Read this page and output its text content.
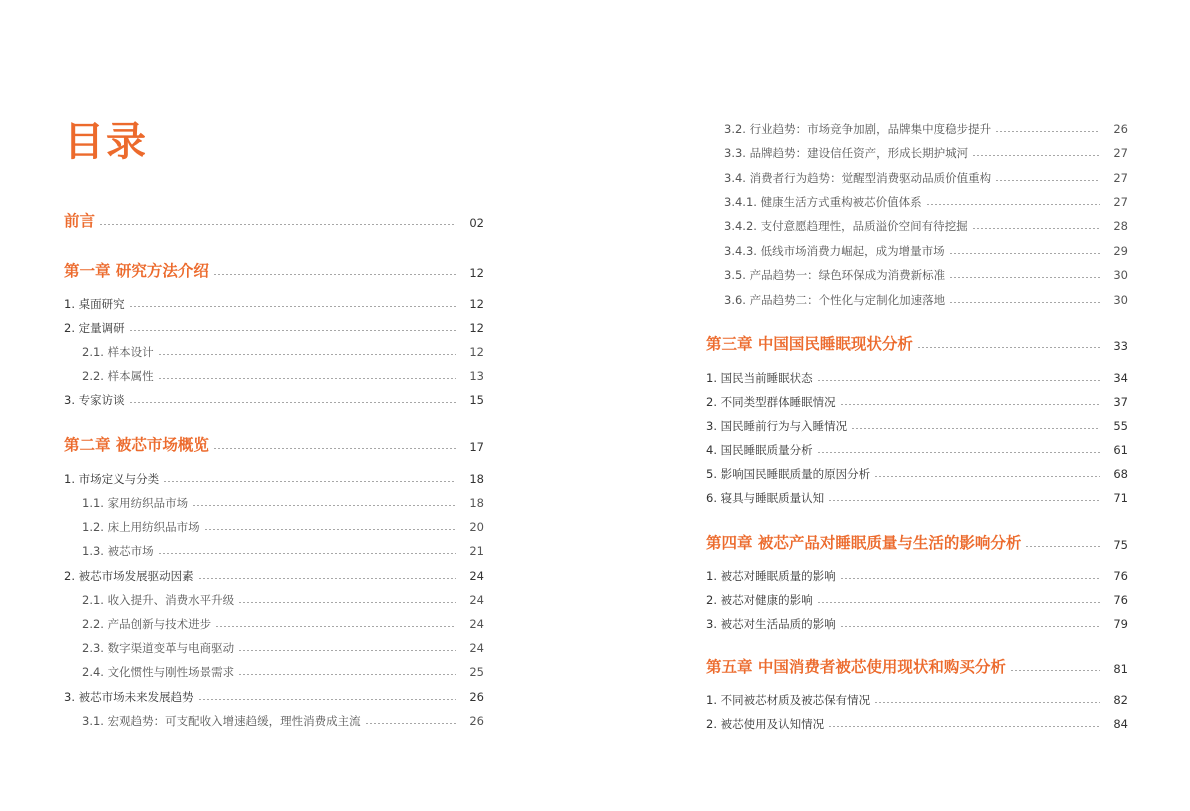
目录
前言	02
第一章 研究方法介绍	12
1. 桌面研究	12
2. 定量调研	12
2.1. 样本设计	12
2.2. 样本属性	13
3. 专家访谈	15
第二章 被芯市场概览	17
1. 市场定义与分类	18
1.1. 家用纺织品市场	18
1.2. 床上用纺织品市场	20
1.3. 被芯市场	21
2. 被芯市场发展驱动因素	24
2.1. 收入提升、消费水平升级	24
2.2. 产品创新与技术进步	24
2.3. 数字渠道变革与电商驱动	24
2.4. 文化惯性与刚性场景需求	25
3. 被芯市场未来发展趋势	26
3.1. 宏观趋势：可支配收入增速趋缓，理性消费成主流	26
3.2. 行业趋势：市场竞争加剧，品牌集中度稳步提升	26
3.3. 品牌趋势：建设信任资产，形成长期护城河	27
3.4. 消费者行为趋势：觉醒型消费驱动品质价值重构	27
3.4.1. 健康生活方式重构被芯价值体系	27
3.4.2. 支付意愿趋理性，品质溢价空间有待挖掘	28
3.4.3. 低线市场消费力崛起，成为增量市场	29
3.5. 产品趋势一：绿色环保成为消费新标准	30
3.6. 产品趋势二：个性化与定制化加速落地	30
第三章 中国国民睡眠现状分析	33
1. 国民当前睡眠状态	34
2. 不同类型群体睡眠情况	37
3. 国民睡前行为与入睡情况	55
4. 国民睡眠质量分析	61
5. 影响国民睡眠质量的原因分析	68
6. 寝具与睡眠质量认知	71
第四章 被芯产品对睡眠质量与生活的影响分析	75
1. 被芯对睡眠质量的影响	76
2. 被芯对健康的影响	76
3. 被芯对生活品质的影响	79
第五章 中国消费者被芯使用现状和购买分析	81
1. 不同被芯材质及被芯保有情况	82
2. 被芯使用及认知情况	84
